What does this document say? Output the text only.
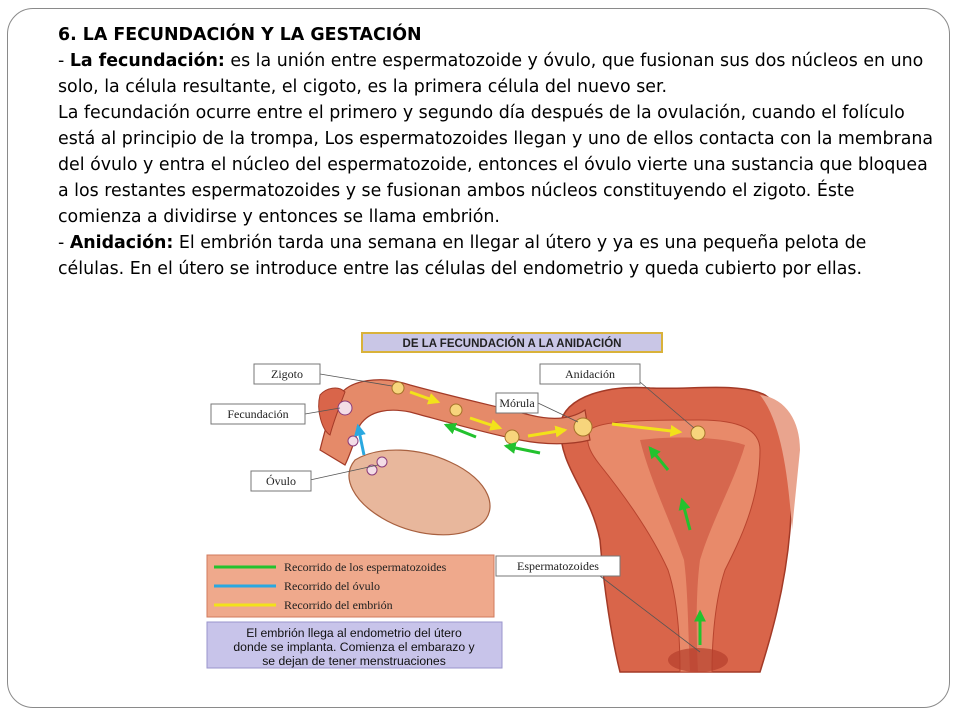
6. LA FECUNDACIÓN Y LA GESTACIÓN

- La fecundación: es la unión entre espermatozoide y óvulo, que fusionan sus dos núcleos en uno solo, la célula resultante, el cigoto, es la primera célula del nuevo ser.

La fecundación ocurre entre el primero y segundo día después de la ovulación, cuando el folículo está al principio de la trompa, Los espermatozoides llegan y uno de ellos contacta con la membrana del óvulo y entra el núcleo del espermatozoide, entonces el óvulo vierte una sustancia que bloquea a los restantes espermatozoides y se fusionan ambos núcleos constituyendo el zigoto. Éste comienza a dividirse y entonces se llama embrión.

- Anidación: El embrión tarda una semana en llegar al útero y ya es una pequeña pelota de células. En el útero se introduce entre las células del endometrio y queda cubierto por ellas.

DE LA FECUNDACIÓN A LA ANIDACIÓN
Zigoto
Fecundación
Óvulo
Mórula
Anidación
Espermatozoides
Recorrido de los espermatozoides
Recorrido del óvulo
Recorrido del embrión
El embrión llega al endometrio del útero
donde se implanta. Comienza el embarazo y
se dejan de tener menstruaciones
